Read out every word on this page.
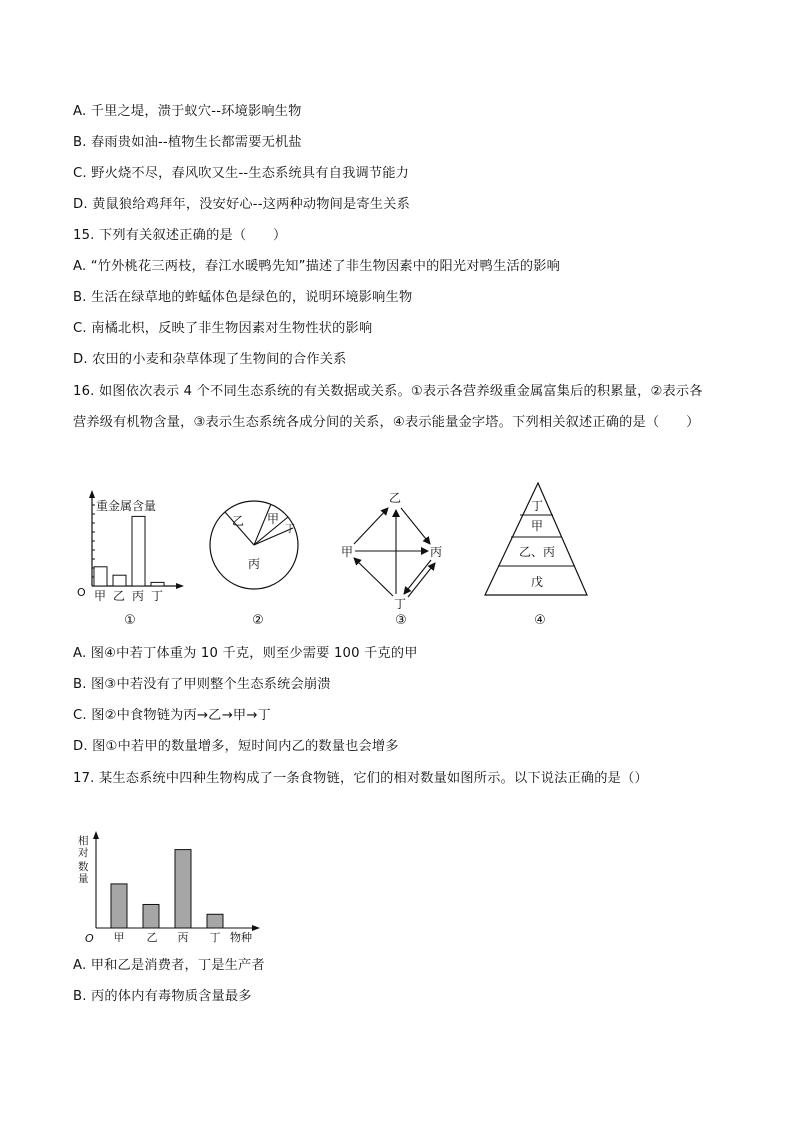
A. 千里之堤，溃于蚁穴--环境影响生物
B. 春雨贵如油--植物生长都需要无机盐
C. 野火烧不尽，春风吹又生--生态系统具有自我调节能力
D. 黄鼠狼给鸡拜年，没安好心--这两种动物间是寄生关系
15. 下列有关叙述正确的是（　　）
A. “竹外桃花三两枝，春江水暖鸭先知”描述了非生物因素中的阳光对鸭生活的影响
B. 生活在绿草地的蚱蜢体色是绿色的，说明环境影响生物
C. 南橘北枳，反映了非生物因素对生物性状的影响
D. 农田的小麦和杂草体现了生物间的合作关系
16. 如图依次表示 4 个不同生态系统的有关数据或关系。①表示各营养级重金属富集后的积累量，②表示各
营养级有机物含量，③表示生态系统各成分间的关系，④表示能量金字塔。下列相关叙述正确的是（　　）
重金属含量
O 甲 乙 丙 丁
①
乙 甲
丁
丙
②
乙
甲	丙
丁
③
丁
甲
乙、丙
戊
④
A. 图④中若丁体重为 10 千克，则至少需要 100 千克的甲
B. 图③中若没有了甲则整个生态系统会崩溃
C. 图②中食物链为丙→乙→甲→丁
D. 图①中若甲的数量增多，短时间内乙的数量也会增多
17. 某生态系统中四种生物构成了一条食物链，它们的相对数量如图所示。以下说法正确的是（）
相
对
数
量
O 甲 乙 丙 丁 物种
A. 甲和乙是消费者，丁是生产者
B. 丙的体内有毒物质含量最多
